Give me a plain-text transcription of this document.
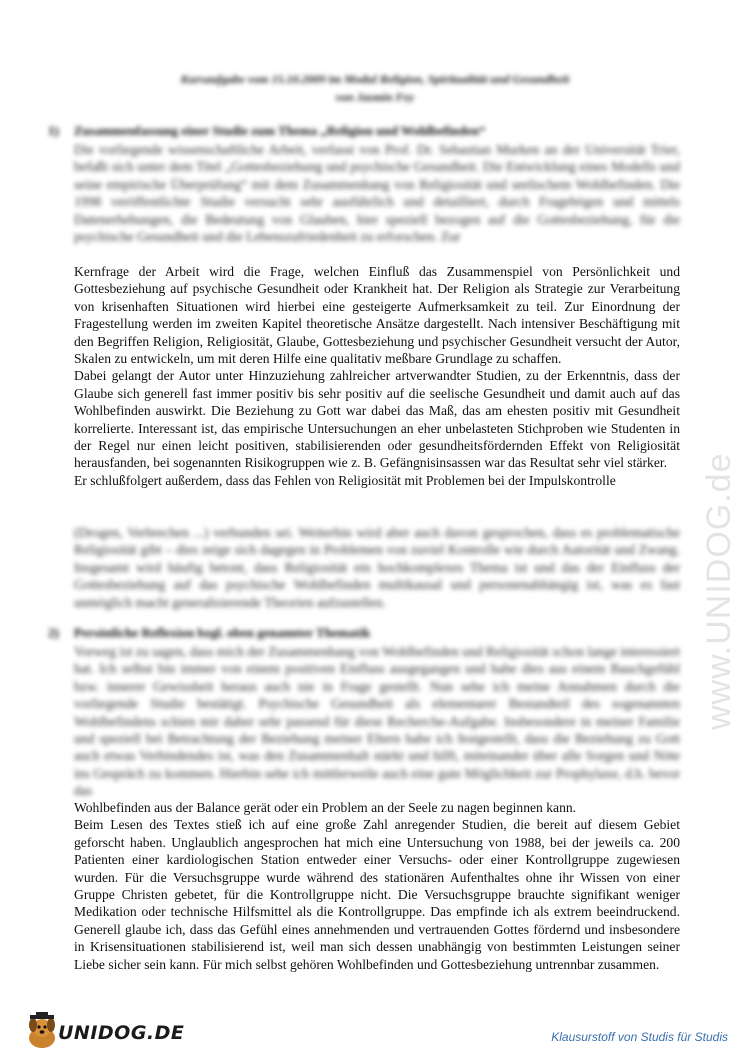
Kursaufgabe vom 15.10.2009 im Modul Religion, Spiritualität und Gesundheit
von Jasmin Fey
1) Zusammenfassung einer Studie zum Thema „Religion und Wohlbefinden“

Die vorliegende wissenschaftliche Arbeit, verfasst von Prof. Dr. Sebastian Murken an der Universität Trier, befaßt sich unter dem Titel „Gottesbeziehung und psychische Gesundheit. Die Entwicklung eines Modells und seine empirische Überprüfung“ mit dem Zusammenhang von Religiosität und seelischem Wohlbefinden. Die 1998 veröffentlichte Studie versucht sehr ausführlich und detailliert, durch Fragebögen und mittels Datenerhebungen, die Bedeutung von Glauben, hier speziell bezogen auf die Gottesbeziehung, für die psychische Gesundheit und die Lebenszufriedenheit zu erforschen. Zur

Kernfrage der Arbeit wird die Frage, welchen Einfluß das Zusammenspiel von Persönlichkeit und Gottesbeziehung auf psychische Gesundheit oder Krankheit hat. Der Religion als Strategie zur Verarbeitung von krisenhaften Situationen wird hierbei eine gesteigerte Aufmerksamkeit zu teil. Zur Einordnung der Fragestellung werden im zweiten Kapitel theoretische Ansätze dargestellt. Nach intensiver Beschäftigung mit den Begriffen Religion, Religiosität, Glaube, Gottesbeziehung und psychischer Gesundheit versucht der Autor, Skalen zu entwickeln, um mit deren Hilfe eine qualitativ meßbare Grundlage zu schaffen.

Dabei gelangt der Autor unter Hinzuziehung zahlreicher artverwandter Studien, zu der Erkenntnis, dass der Glaube sich generell fast immer positiv bis sehr positiv auf die seelische Gesundheit und damit auch auf das Wohlbefinden auswirkt. Die Beziehung zu Gott war dabei das Maß, das am ehesten positiv mit Gesundheit korrelierte. Interessant ist, das empirische Untersuchungen an eher unbelasteten Stichproben wie Studenten in der Regel nur einen leicht positiven, stabilisierenden oder gesundheitsfördernden Effekt von Religiosität herausfanden, bei sogenannten Risikogruppen wie z. B. Gefängnisinsassen war das Resultat sehr viel stärker.

Er schlußfolgert außerdem, dass das Fehlen von Religiosität mit Problemen bei der Impulskontrolle

(Drogen, Verbrechen ...) verbunden sei. Weiterhin wird aber auch davon gesprochen, dass es problematische Religiosität gibt – dies zeige sich dagegen in Problemen von zuviel Kontrolle wie durch Autorität und Zwang. Insgesamt wird häufig betont, dass Religiosität ein hochkomplexes Thema ist und das der Einfluss der Gottesbeziehung auf das psychische Wohlbefinden multikausal und personenabhängig ist, was es fast unmöglich macht generalisierende Theorien aufzustellen.

2) Persönliche Reflexion bzgl. oben genannter Thematik

Vorweg ist zu sagen, dass mich der Zusammenhang von Wohlbefinden und Religiosität schon lange interessiert hat. Ich selbst bin immer von einem positiven Einfluss ausgegangen und habe dies aus einem Bauchgefühl bzw. innerer Gewissheit heraus auch nie in Frage gestellt. Nun sehe ich meine Annahmen durch die vorliegende Studie bestätigt. Psychische Gesundheit als elementarer Bestandteil des sogenannten Wohlbefindens schien mir daher sehr passend für diese Recherche-Aufgabe. Insbesondere in meiner Familie und speziell bei Betrachtung der Beziehung meiner Eltern habe ich festgestellt, dass die Beziehung zu Gott auch etwas Verbindendes ist, was den Zusammenhalt stärkt und hilft, miteinander über alle Sorgen und Nöte ins Gespräch zu kommen. Hierbin sehe ich mittlerweile auch eine gute Möglichkeit zur Prophylaxe, d.h. bevor das

Wohlbefinden aus der Balance gerät oder ein Problem an der Seele zu nagen beginnen kann.

Beim Lesen des Textes stieß ich auf eine große Zahl anregender Studien, die bereit auf diesem Gebiet geforscht haben. Unglaublich angesprochen hat mich eine Untersuchung von 1988, bei der jeweils ca. 200 Patienten einer kardiologischen Station entweder einer Versuchs- oder einer Kontrollgruppe zugewiesen wurden. Für die Versuchsgruppe wurde während des stationären Aufenthaltes ohne ihr Wissen von einer Gruppe Christen gebetet, für die Kontrollgruppe nicht. Die Versuchsgruppe brauchte signifikant weniger Medikation oder technische Hilfsmittel als die Kontrollgruppe. Das empfinde ich als extrem beeindruckend. Generell glaube ich, dass das Gefühl eines annehmenden und vertrauenden Gottes fördernd und insbesondere in Krisensituationen stabilisierend ist, weil man sich dessen unabhängig von bestimmten Leistungen seiner Liebe sicher sein kann. Für mich selbst gehören Wohlbefinden und Gottesbeziehung untrennbar zusammen.

www.UNIDOG.de
UNIDOG.DE	Klausurstoff von Studis für Studis
